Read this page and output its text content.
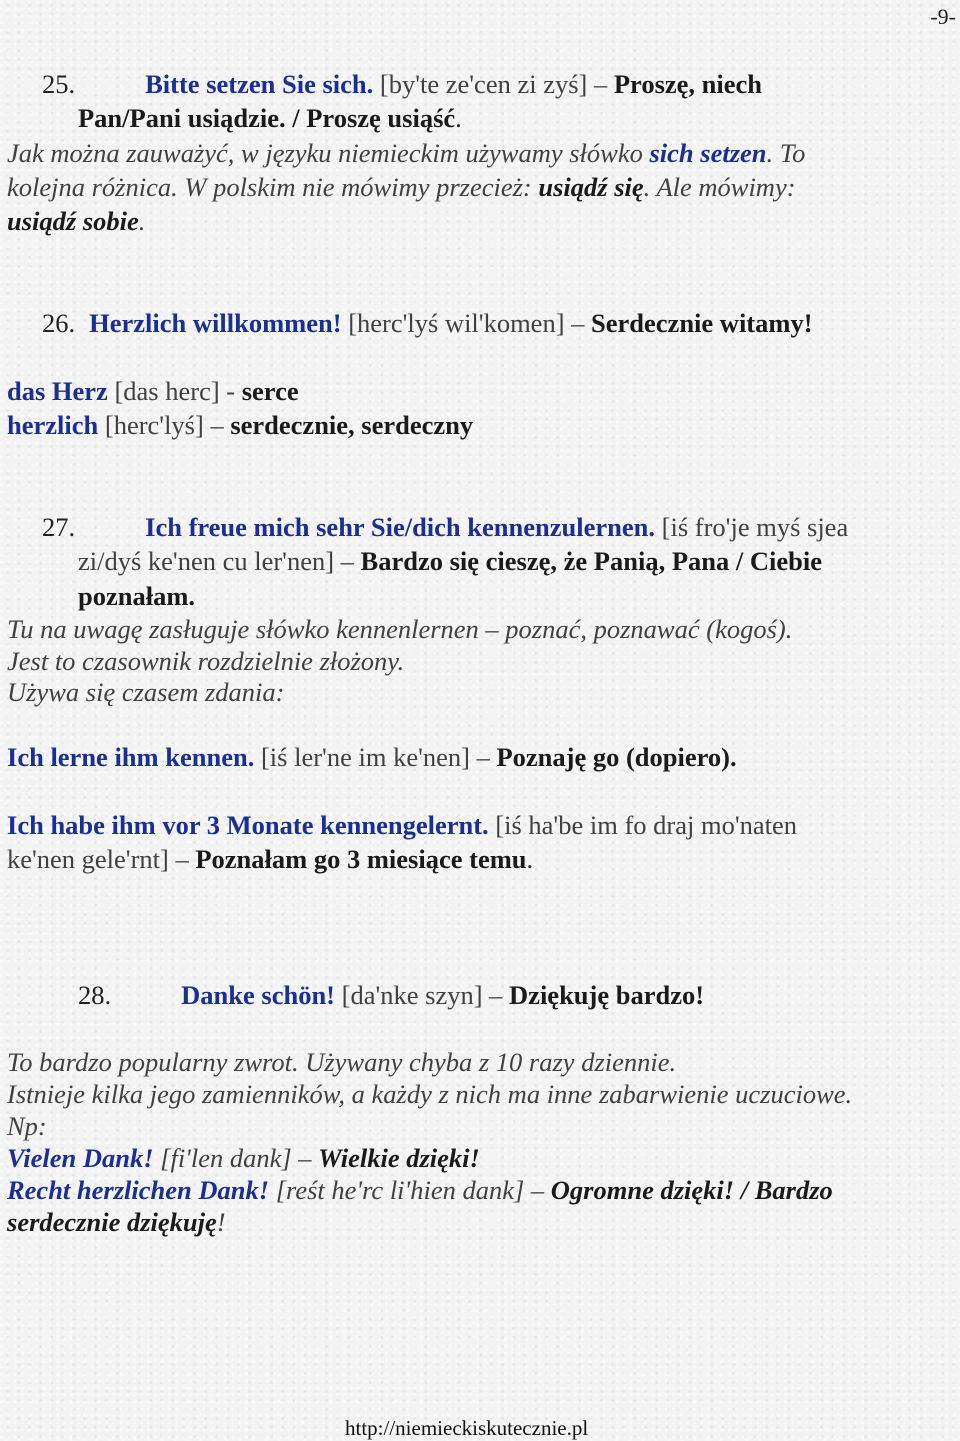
-9-
25.	Bitte setzen Sie sich. [by'te ze'cen zi zyś] – Proszę, niech
Pan/Pani usiądzie. / Proszę usiąść.
Jak można zauważyć, w języku niemieckim używamy słówko sich setzen. To
kolejna różnica. W polskim nie mówimy przecież: usiądź się. Ale mówimy:
usiądź sobie.
26. Herzlich willkommen! [herc'lyś wil'komen] – Serdecznie witamy!
das Herz [das herc] - serce
herzlich [herc'lyś] – serdecznie, serdeczny
27.	Ich freue mich sehr Sie/dich kennenzulernen. [iś fro'je myś sjea
zi/dyś ke'nen cu ler'nen] – Bardzo się cieszę, że Panią, Pana / Ciebie
poznałam.
Tu na uwagę zasługuje słówko kennenlernen – poznać, poznawać (kogoś).
Jest to czasownik rozdzielnie złożony.
Używa się czasem zdania:
Ich lerne ihm kennen. [iś ler'ne im ke'nen] – Poznaję go (dopiero).
Ich habe ihm vor 3 Monate kennengelernt. [iś ha'be im fo draj mo'naten
ke'nen gele'rnt] – Poznałam go 3 miesiące temu.
28.	Danke schön! [da'nke szyn] – Dziękuję bardzo!
To bardzo popularny zwrot. Używany chyba z 10 razy dziennie.
Istnieje kilka jego zamienników, a każdy z nich ma inne zabarwienie uczuciowe.
Np:
Vielen Dank! [fi'len dank] – Wielkie dzięki!
Recht herzlichen Dank! [reśt he'rc li'hien dank] – Ogromne dzięki! / Bardzo
serdecznie dziękuję!
http://niemieckiskutecznie.pl
